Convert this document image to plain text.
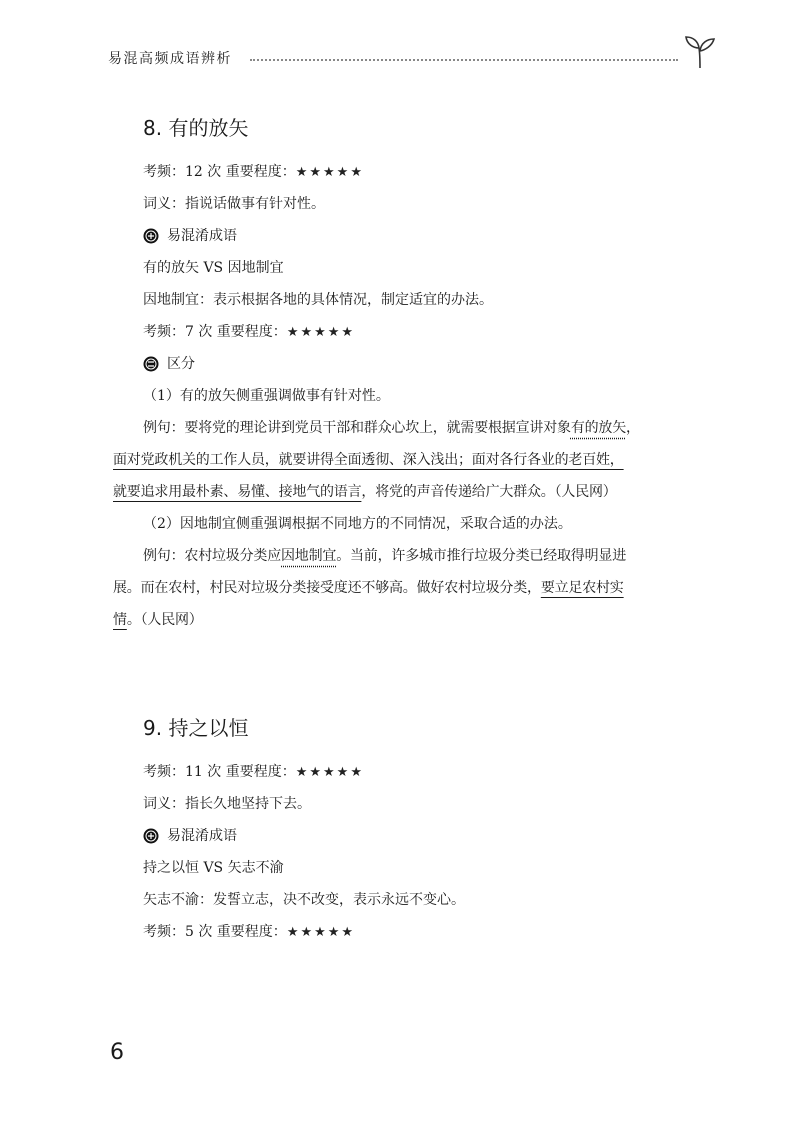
易混高频成语辨析
8. 有的放矢
考频：12 次 重要程度：★★★★★
词义：指说话做事有针对性。
易混淆成语
有的放矢 VS 因地制宜
因地制宜：表示根据各地的具体情况，制定适宜的办法。
考频：7 次 重要程度：★★★★★
区分
（1）有的放矢侧重强调做事有针对性。

例句：要将党的理论讲到党员干部和群众心坎上，就需要根据宣讲对象有的放矢，

面对党政机关的工作人员，就要讲得全面透彻、深入浅出；面对各行各业的老百姓，
就要追求用最朴素、易懂、接地气的语言，将党的声音传递给广大群众。（人民网）
（2）因地制宜侧重强调根据不同地方的不同情况，采取合适的办法。

例句：农村垃圾分类应因地制宜。当前，许多城市推行垃圾分类已经取得明显进

展。而在农村，村民对垃圾分类接受度还不够高。做好农村垃圾分类，要立足农村实
情。（人民网）
9. 持之以恒
考频：11 次 重要程度：★★★★★
词义：指长久地坚持下去。
易混淆成语
持之以恒 VS 矢志不渝
矢志不渝：发誓立志，决不改变，表示永远不变心。
考频：5 次 重要程度：★★★★★
6
